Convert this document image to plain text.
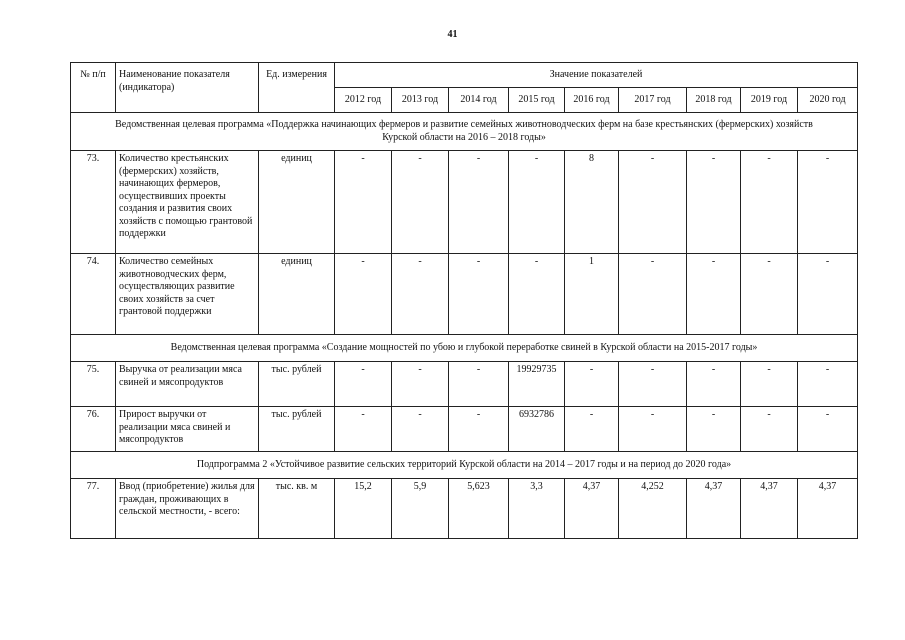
41
№ п/п	Наименование показателя (индикатора)	Ед. измерения	Значение показателей								
			2012 год	2013 год	2014 год	2015 год	2016 год	2017 год	2018 год	2019 год	2020 год
Ведомственная целевая программа «Поддержка начинающих фермеров и развитие семейных животноводческих ферм на базе крестьянских (фермерских) хозяйств Курской области на 2016 – 2018 годы»											
73.	Количество крестьянских (фермерских) хозяйств, начинающих фермеров, осуществивших проекты создания и развития своих хозяйств с помощью грантовой поддержки	единиц	-	-	-	-	8	-	-	-	-
74.	Количество семейных животноводческих ферм, осуществляющих развитие своих хозяйств за счет грантовой поддержки	единиц	-	-	-	-	1	-	-	-	-
Ведомственная целевая программа «Создание мощностей по убою и глубокой переработке свиней в Курской области на 2015-2017 годы»											
75.	Выручка от реализации мяса свиней и мясопродуктов	тыс. рублей	-	-	-	19929735	-	-	-	-	-
76.	Прирост выручки от реализации мяса свиней и мясопродуктов	тыс. рублей	-	-	-	6932786	-	-	-	-	-
Подпрограмма 2 «Устойчивое развитие сельских территорий Курской области на 2014 – 2017 годы и на период до 2020 года»											
77.	Ввод (приобретение) жилья для граждан, проживающих в сельской местности, - всего:	тыс. кв. м	15,2	5,9	5,623	3,3	4,37	4,252	4,37	4,37	4,37
